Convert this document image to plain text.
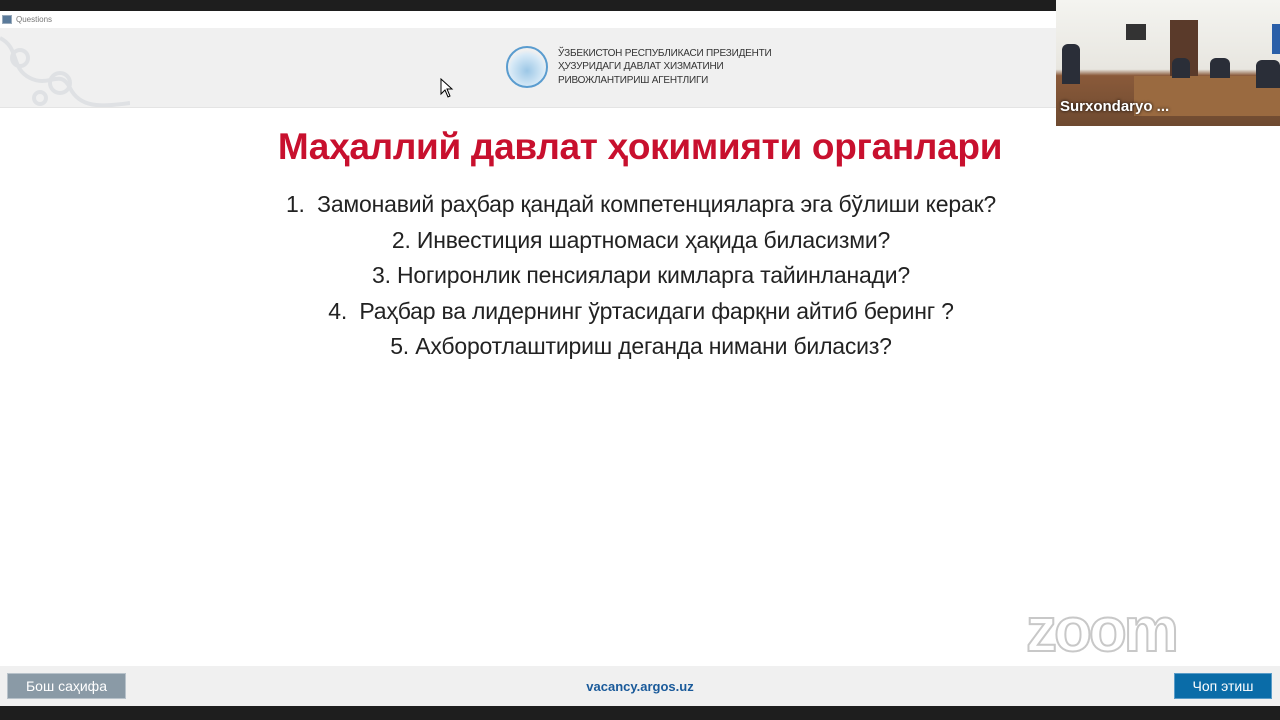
Questions
ЎЗБЕКИСТОН РЕСПУБЛИКАСИ ПРЕЗИДЕНТИ
ҲУЗУРИДАГИ ДАВЛАТ ХИЗМАТИНИ
РИВОЖЛАНТИРИШ АГЕНТЛИГИ
Surxondaryo ...
Маҳаллий давлат ҳокимияти органлари
1.  Замонавий раҳбар қандай компетенцияларга эга бўлиши керак?
2. Инвестиция шартномаси ҳақида биласизми?
3. Ногиронлик пенсиялари кимларга тайинланади?
4.  Раҳбар ва лидернинг ўртасидаги фарқни айтиб беринг ?
5. Ахборотлаштириш деганда нимани биласиз?
zoom
Бош саҳифа	vacancy.argos.uz	Чоп этиш
